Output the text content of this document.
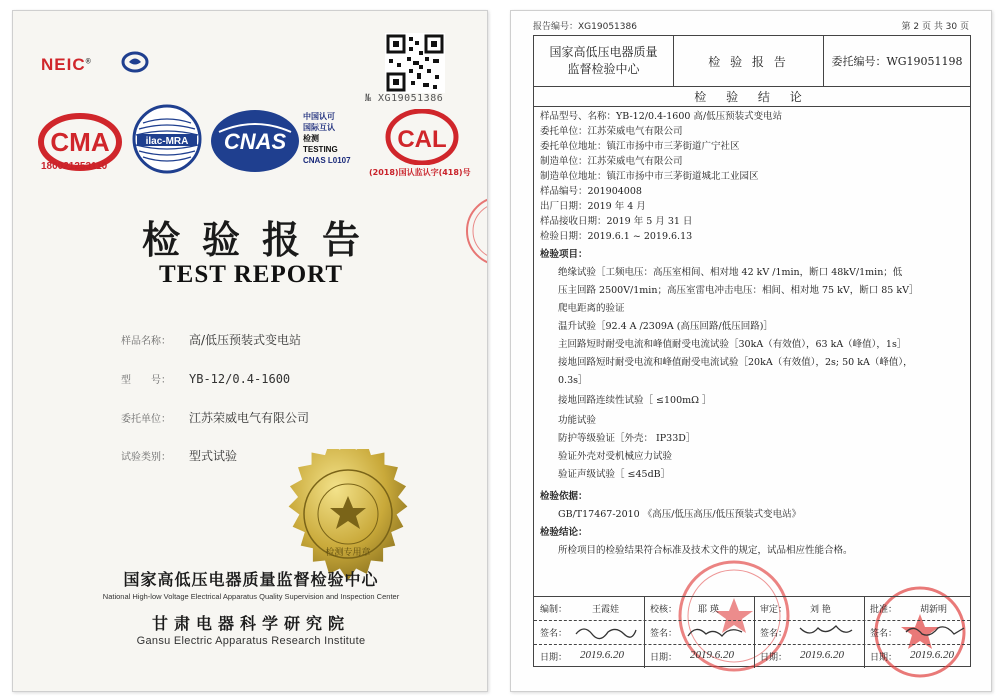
NEIC®
№ XG19051386
CMA
180021253110
ilac-MRA CNAS
中国认可
国际互认
检测
TESTING
CNAS L0107
CAL
(2018)国认监认字(418)号
检验报告
TEST REPORT
样品名称： 高/低压预装式变电站
型　　号： YB-12/0.4-1600
委托单位： 江苏荣威电气有限公司
试验类别： 型式试验
检测专用章
国家高低压电器质量监督检验中心
National High-low Voltage Electrical Apparatus Quality Supervision and Inspection Center
甘肃电器科学研究院
Gansu Electric Apparatus Research Institute
报告编号：XG19051386	第 2 页 共 30 页
国家高低压电器质量监督检验中心
检 验 报 告	委托编号：WG19051198
检 验 结 论
样品型号、名称：YB-12/0.4-1600 高/低压预装式变电站
委托单位：江苏荣威电气有限公司
委托单位地址：镇江市扬中市三茅街道广宁社区
制造单位：江苏荣威电气有限公司
制造单位地址：镇江市扬中市三茅街道城北工业园区
样品编号：201904008
出厂日期：2019 年 4 月
样品接收日期：2019 年 5 月 31 日
检验日期：2019.6.1 ~ 2019.6.13
检验项目：
绝缘试验［工频电压：高压室相间、相对地 42 kV /1min，断口 48kV/1min；低
压主回路 2500V/1min；高压室雷电冲击电压：相间、相对地 75 kV，断口 85 kV］
爬电距离的验证
温升试验［92.4 A /2309A (高压回路/低压回路)］
主回路短时耐受电流和峰值耐受电流试验［30kA（有效值），63 kA（峰值），1s］
接地回路短时耐受电流和峰值耐受电流试验［20kA（有效值），2s; 50 kA（峰值），
0.3s］
接地回路连续性试验［ ≤100mΩ ］
功能试验
防护等级验证［外壳： IP33D］
验证外壳对受机械应力试验
验证声级试验［ ≤45dB］
检验依据：
GB/T17467-2010 《高压/低压高压/低压预装式变电站》
检验结论：
所检项目的检验结果符合标准及技术文件的规定，试品相应性能合格。
编制：	王霞娃	校核： 耶 瑛	审定：	刘 艳	批准：	胡新明
签名：	签名：	签名：	签名：
日期： 2019.6.20	日期： 2019.6.20	日期： 2019.6.20	日期： 2019.6.20
